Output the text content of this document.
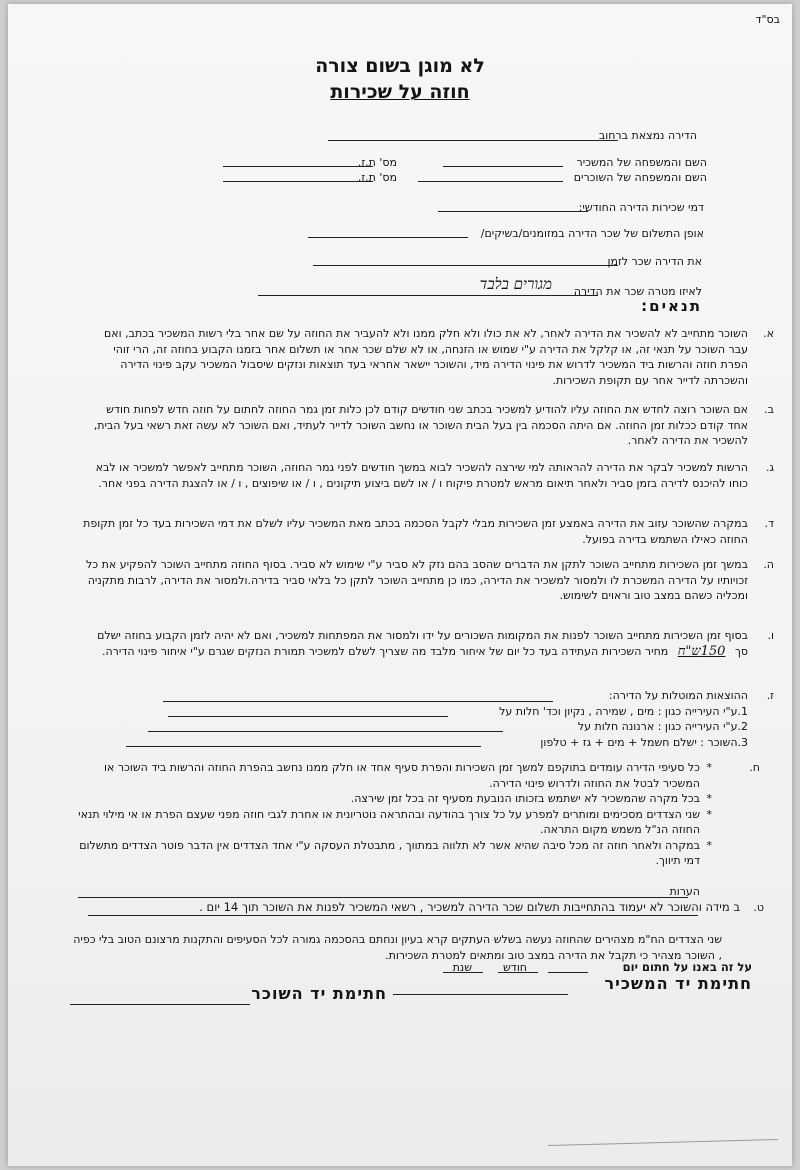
בס"ד
לא מוגן בשום צורה
חוזה על שכירות
הדירה נמצאת ברחוב
השם והמשפחה של המשכיר
מס' ת.ז.
השם והמשפחה של השוכרים
מס' ת.ז.
דמי שכירות הדירה החודשי:
אופן התשלום של שכר הדירה במזומנים/בשיקים/
את הדירה שכר לזמן
לאיזו מטרה שכר את הדירה
מגורים בלבד
תנאים:
א.
השוכר מתחייב לא להשכיר את הדירה לאחר, לא את כולו ולא חלק ממנו ולא להעביר את החוזה על שם אחר בלי רשות המשכיר בכתב, ואם עבר השוכר על תנאי זה, או קלקל את הדירה ע"י שמוש או הזנחה, או לא שלם שכר אחר או תשלום אחר בזמנו הקבוע בחוזה זה, הרי זוהי הפרת חוזה והרשות ביד המשכיר לדרוש את פינוי הדירה מיד, והשוכר יישאר אחראי בעד תוצאות ונזקים שיסבול המשכיר עקב פינוי הדירה והשכרתה לדייר אחר עם תקופת השכירות.
ב.
אם השוכר רוצה לחדש את החוזה עליו להודיע למשכיר בכתב שני חודשים קודם לכן כלות זמן גמר החוזה לחתום על חוזה חדש לפחות חודש אחד קודם ככלות זמן החוזה. אם היתה הסכמה בין בעל הבית השוכר או נחשב השוכר לדייר לעתיד, ואם השוכר לא עשה זאת רשאי בעל הבית, להשכיר את הדירה לאחר.
ג.
הרשות למשכיר לבקר את הדירה להראותה למי שירצה להשכיר לבוא במשך חודשים לפני גמר החוזה, השוכר מתחייב לאפשר למשכיר או לבא כוחו להיכנס לדירה בזמן סביר ולאחר תיאום מראש למטרת פיקוח ו / או לשם ביצוע תיקונים , ו / או שיפוצים , ו / או להצגת הדירה בפני אחר.
ד.
במקרה שהשוכר עזוב את הדירה באמצע זמן השכירות מבלי לקבל הסכמה בכתב מאת המשכיר עליו לשלם את דמי השכירות בעד כל זמן תקופת החוזה כאילו השתמש בדירה בפועל.
ה.
במשך זמן השכירות מתחייב השוכר לתקן את הדברים שהסב בהם נזק לא סביר ע"י שימוש לא סביר. בסוף החוזה מתחייב השוכר להפקיע את כל זכויותיו על הדירה המשכרת לו ולמסור למשכיר את הדירה, כמו כן מתחייב השוכר לתקן כל בלאי סביר בדירה.ולמסור את הדירה, לרבות מתקניה ומכליה כשהם במצב טוב וראוים לשימוש.
ו.
בסוף זמן השכירות מתחייב השוכר לפנות את המקומות השכורים על ידו ולמסור את המפתחות למשכיר, ואם לא יהיה לזמן הקבוע בחוזה ישלם סך 150ש"ח מחיר השכירות העתידה בעד כל יום של איחור מלבד מה שצריך לשלם למשכיר תמורת הנזקים שגרם ע"י איחור פינוי הדירה.
ז.
ההוצאות המוטלות על הדירה:
1.ע"י העירייה כגון : מים , שמירה , נקיון וכד' חלות על
2.ע"י העירייה כגון : ארנונה חלות על
3.השוכר : ישלם חשמל + מים + גז + טלפון
ח.
* כל סעיפי הדירה עומדים בתוקפם למשך זמן השכירות והפרת סעיף אחד או חלק ממנו נחשב בהפרת החוזה והרשות ביד השוכר או המשכיר לבטל את החוזה ולדרוש פינוי הדירה.
* בכל מקרה שהמשכיר לא ישתמש בזכותו הנובעת מסעיף זה בכל זמן שירצה.
* שני הצדדים מסכימים ומותרים למפרע על כל צורך בהודעה ובהתראה נוטריונית או אחרת לגבי חוזה מפני שעצם הפרת או אי מילוי תנאי החוזה הנ"ל משמש מקום התראה.
* במקרה ולאחר חוזה זה מכל סיבה שהיא אשר לא תלווה במתווך , מתבטלת העסקה ע"י אחד הצדדים אין הדבר פוטר הצדדים מתשלום דמי תיווך.
הערות
ט.
ב מידה והשוכר לא יעמוד בהתחייבות תשלום שכר הדירה למשכיר , רשאי המשכיר לפנות את השוכר תוך 14 יום .
שני הצדדים הח"מ מצהירים שהחוזה נעשה בשלש העתקים קרא בעיון ונחתם בהסכמה גמורה לכל הסעיפים והתקנות מרצונם הטוב בלי כפיה , השוכר מצהיר כי תקבל את הדירה במצב טוב ומתאים למטרת השכירות.
על זה באנו על חתום יום
חודש
שנת
חתימת יד המשכיר
חתימת יד השוכר
